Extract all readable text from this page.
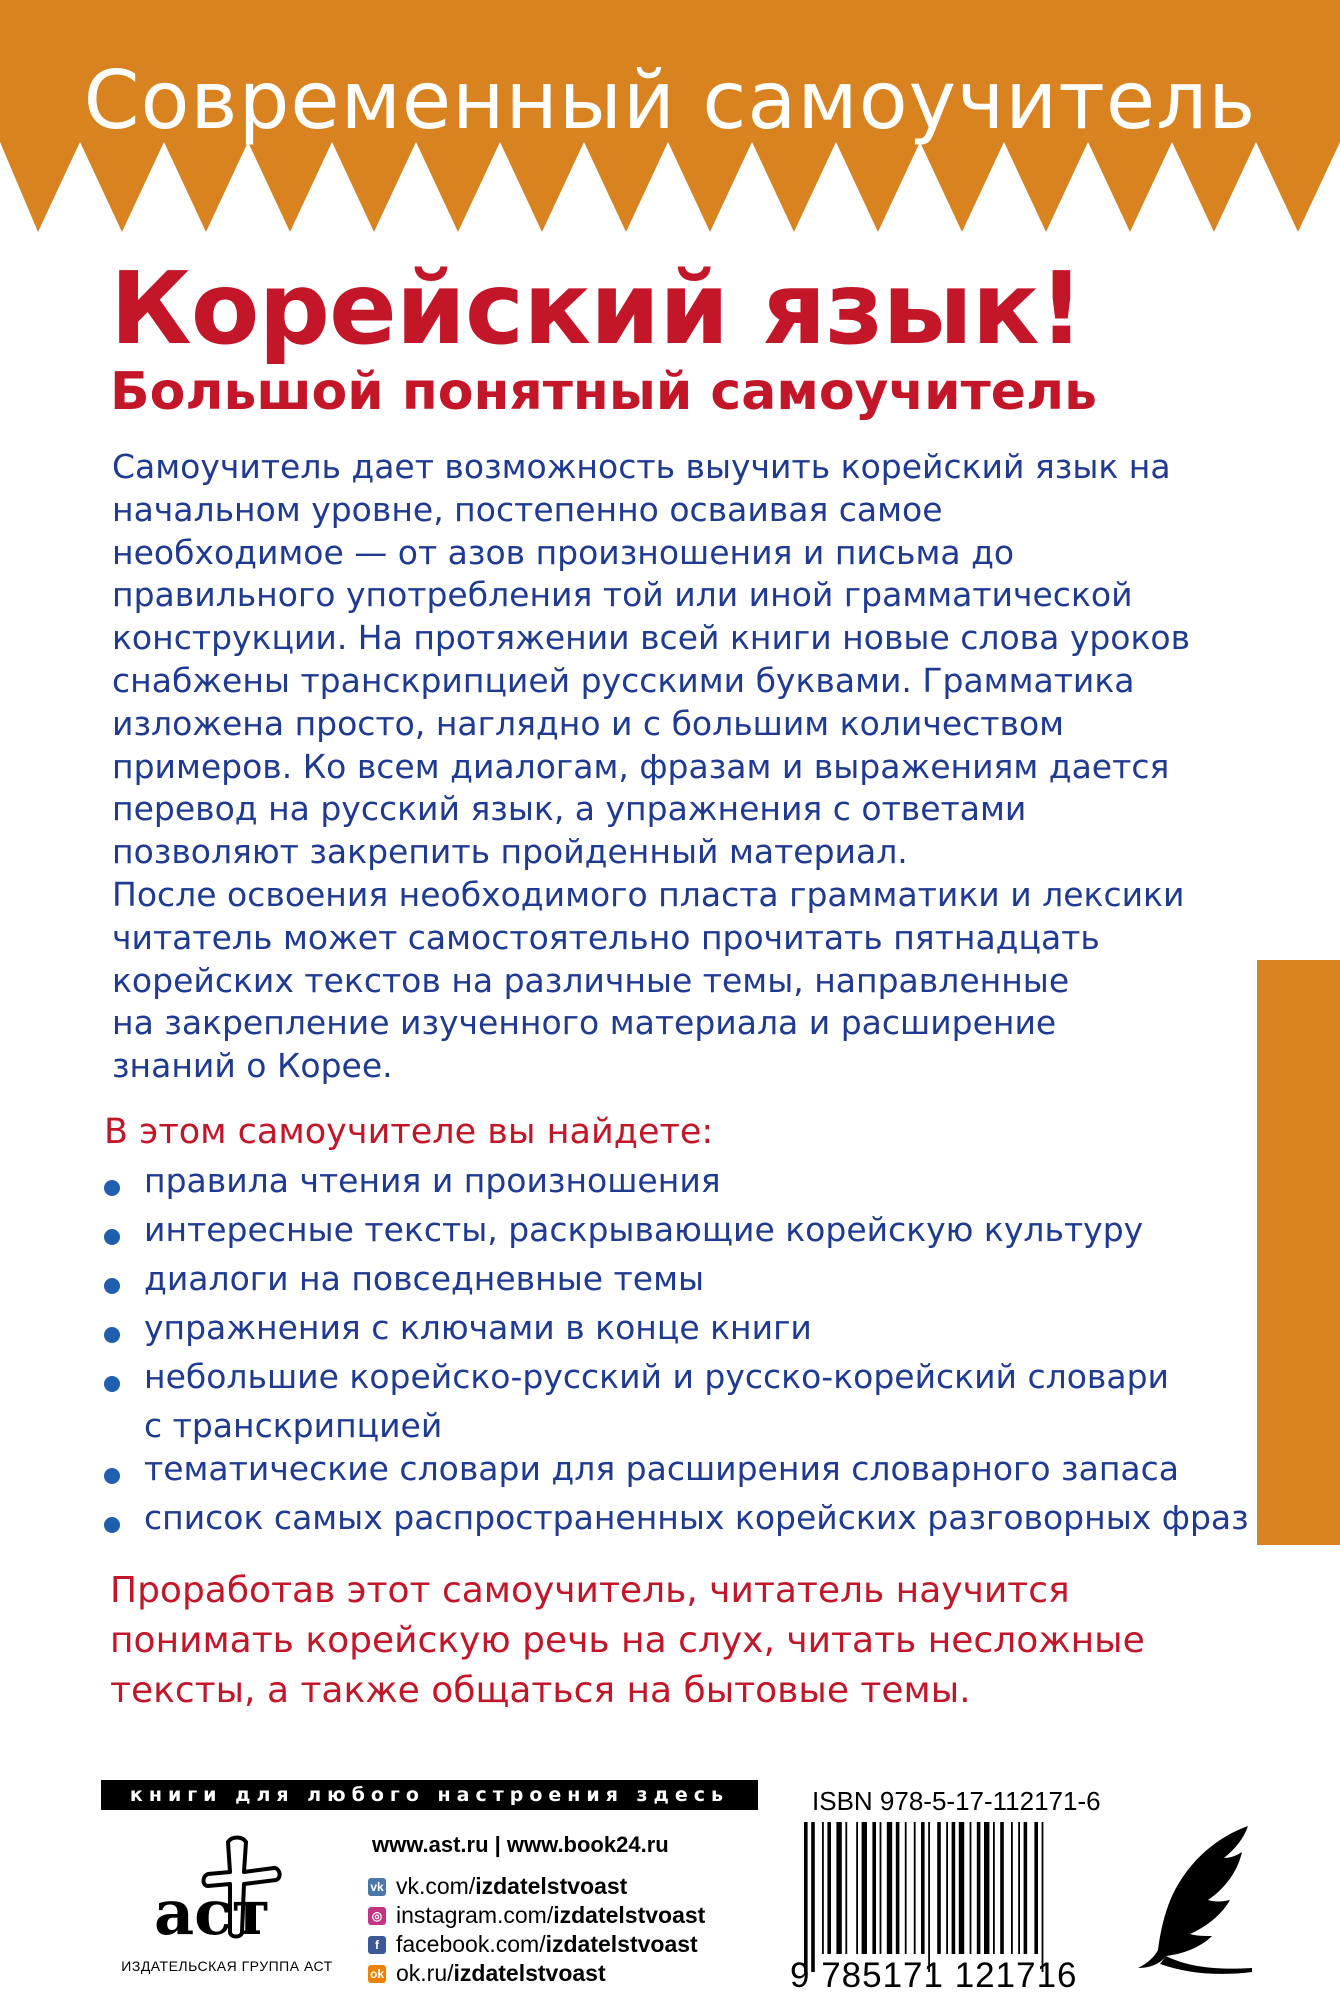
Современный самоучитель
Корейский язык!
Большой понятный самоучитель
Самоучитель дает возможность выучить корейский язык на
начальном уровне, постепенно осваивая самое
необходимое — от азов произношения и письма до
правильного употребления той или иной грамматической
конструкции. На протяжении всей книги новые слова уроков
снабжены транскрипцией русскими буквами. Грамматика
изложена просто, наглядно и с большим количеством
примеров. Ко всем диалогам, фразам и выражениям дается
перевод на русский язык, а упражнения с ответами
позволяют закрепить пройденный материал.
После освоения необходимого пласта грамматики и лексики
читатель может самостоятельно прочитать пятнадцать
корейских текстов на различные темы, направленные
на закрепление изученного материала и расширение
знаний о Корее.
В этом самоучителе вы найдете:
правила чтения и произношения
интересные тексты, раскрывающие корейскую культуру
диалоги на повседневные темы
упражнения с ключами в конце книги
небольшие корейско-русский и русско-корейский словари
с транскрипцией
тематические словари для расширения словарного запаса
список самых распространенных корейских разговорных фраз
Проработав этот самоучитель, читатель научится
понимать корейскую речь на слух, читать несложные
тексты, а также общаться на бытовые темы.
книги для любого настроения здесь
аст
ИЗДАТЕЛЬСКАЯ ГРУППА АСТ
www.ast.ru | www.book24.ru
vk vk.com/ izdatelstvoast
◎ instagram.com/ izdatelstvoast
f facebook.com/ izdatelstvoast
ok ok.ru/ izdatelstvoast
ISBN 978-5-17-112171-6
9 785171 121716
